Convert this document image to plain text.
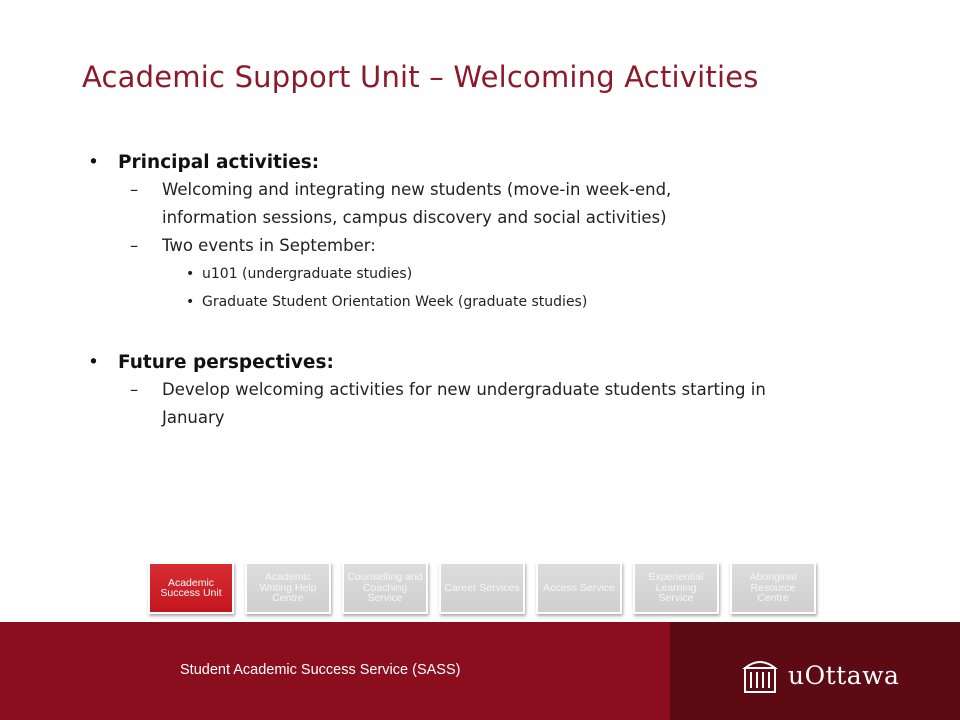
Academic Support Unit – Welcoming Activities
• Principal activities:
– Welcoming and integrating new students (move-in week-end,
information sessions, campus discovery and social activities)
– Two events in September:
• u101 (undergraduate studies)
• Graduate Student Orientation Week (graduate studies)
• Future perspectives:
– Develop welcoming activities for new undergraduate students starting in
January
Academic Success Unit
Academic Writing Help Centre
Counselling and Coaching Service
Career Services	Access Service
Experiential Learning Service
Aboriginal Resource Centre
Student Academic Success Service (SASS)	uOttawa
